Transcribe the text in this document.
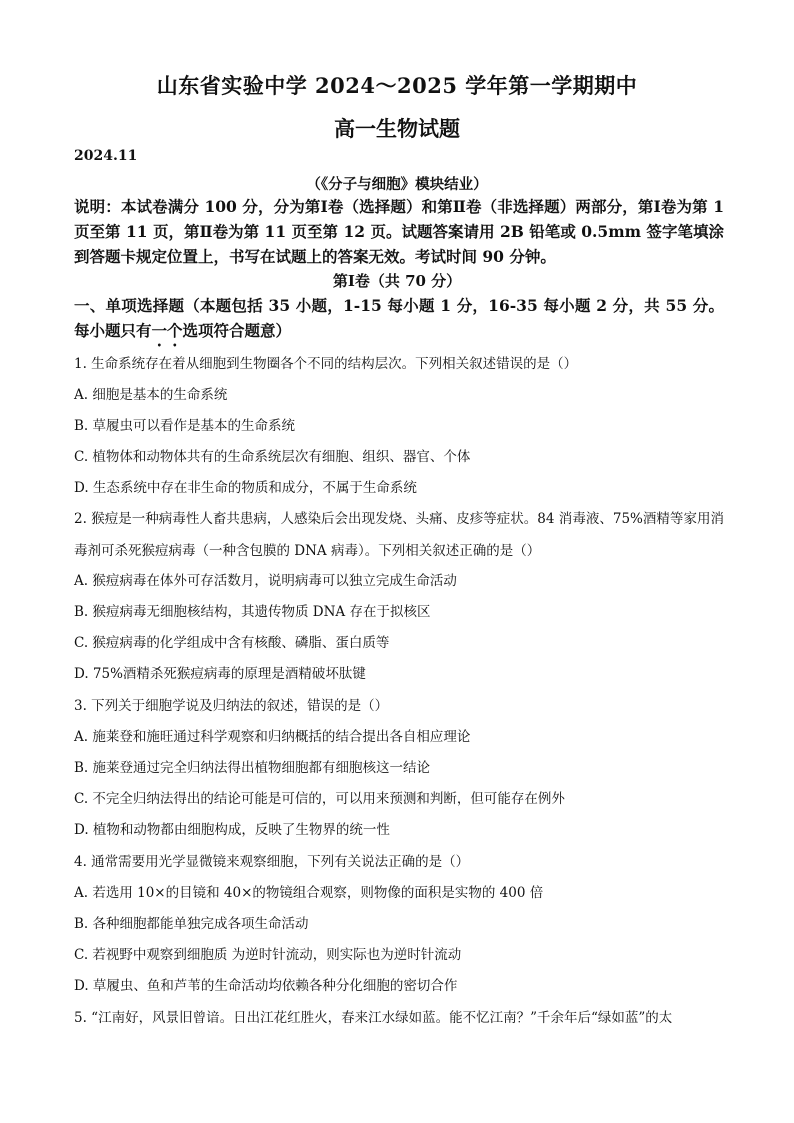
山东省实验中学 2024～2025 学年第一学期期中
高一生物试题
2024.11
（《分子与细胞》模块结业）
说明：本试卷满分 100 分，分为第Ⅰ卷（选择题）和第Ⅱ卷（非选择题）两部分，第Ⅰ卷为第 1 页至第 11 页，第Ⅱ卷为第 11 页至第 12 页。试题答案请用 2B 铅笔或 0.5mm 签字笔填涂到答题卡规定位置上，书写在试题上的答案无效。考试时间 90 分钟。
第Ⅰ卷（共 70 分）
一、单项选择题（本题包括 35 小题，1-15 每小题 1 分，16-35 每小题 2 分，共 55 分。每小题只有一个选项符合题意）
1. 生命系统存在着从细胞到生物圈各个不同的结构层次。下列相关叙述错误的是（）
A. 细胞是基本的生命系统
B. 草履虫可以看作是基本的生命系统
C. 植物体和动物体共有的生命系统层次有细胞、组织、器官、个体
D. 生态系统中存在非生命的物质和成分，不属于生命系统
2. 猴痘是一种病毒性人畜共患病，人感染后会出现发烧、头痛、皮疹等症状。84 消毒液、75%酒精等家用消毒剂可杀死猴痘病毒（一种含包膜的 DNA 病毒）。下列相关叙述正确的是（）
A. 猴痘病毒在体外可存活数月，说明病毒可以独立完成生命活动
B. 猴痘病毒无细胞核结构，其遗传物质 DNA 存在于拟核区
C. 猴痘病毒的化学组成中含有核酸、磷脂、蛋白质等
D. 75%酒精杀死猴痘病毒的原理是酒精破坏肽键
3. 下列关于细胞学说及归纳法的叙述，错误的是（）
A. 施莱登和施旺通过科学观察和归纳概括的结合提出各自相应理论
B. 施莱登通过完全归纳法得出植物细胞都有细胞核这一结论
C. 不完全归纳法得出的结论可能是可信的，可以用来预测和判断，但可能存在例外
D. 植物和动物都由细胞构成，反映了生物界的统一性
4. 通常需要用光学显微镜来观察细胞，下列有关说法正确的是（）
A. 若选用 10×的目镜和 40×的物镜组合观察，则物像的面积是实物的 400 倍
B. 各种细胞都能单独完成各项生命活动
C. 若视野中观察到细胞质 为逆时针流动，则实际也为逆时针流动
D. 草履虫、鱼和芦苇的生命活动均依赖各种分化细胞的密切合作
5. “江南好，风景旧曾谙。日出江花红胜火，春来江水绿如蓝。能不忆江南？”千余年后“绿如蓝”的太
